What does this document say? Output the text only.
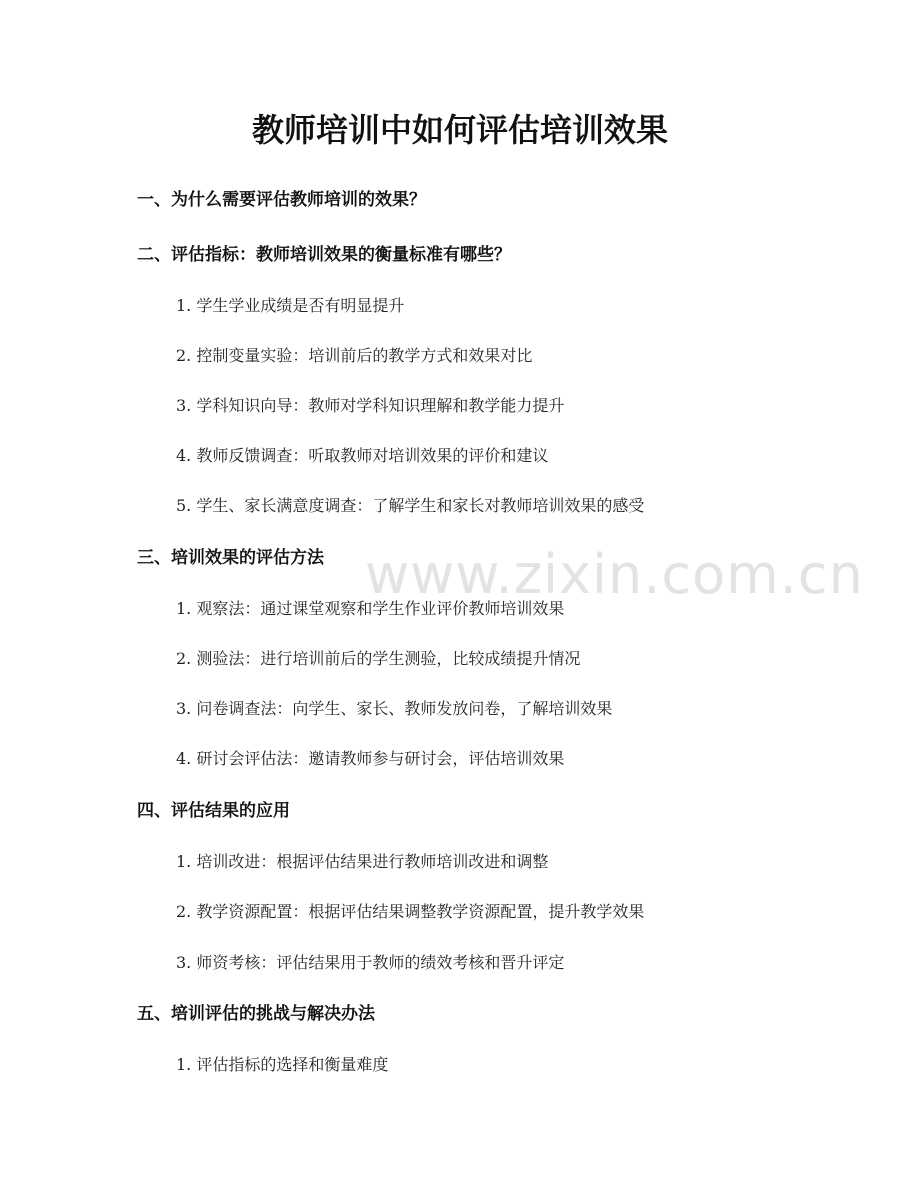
教师培训中如何评估培训效果
www.zixin.com.cn
一、为什么需要评估教师培训的效果？
二、评估指标：教师培训效果的衡量标准有哪些？

1. 学生学业成绩是否有明显提升

2. 控制变量实验：培训前后的教学方式和效果对比

3. 学科知识向导：教师对学科知识理解和教学能力提升

4. 教师反馈调查：听取教师对培训效果的评价和建议

5. 学生、家长满意度调查：了解学生和家长对教师培训效果的感受

三、培训效果的评估方法

1. 观察法：通过课堂观察和学生作业评价教师培训效果

2. 测验法：进行培训前后的学生测验，比较成绩提升情况

3. 问卷调查法：向学生、家长、教师发放问卷，了解培训效果

4. 研讨会评估法：邀请教师参与研讨会，评估培训效果

四、评估结果的应用

1. 培训改进：根据评估结果进行教师培训改进和调整

2. 教学资源配置：根据评估结果调整教学资源配置，提升教学效果

3. 师资考核：评估结果用于教师的绩效考核和晋升评定

五、培训评估的挑战与解决办法

1. 评估指标的选择和衡量难度
